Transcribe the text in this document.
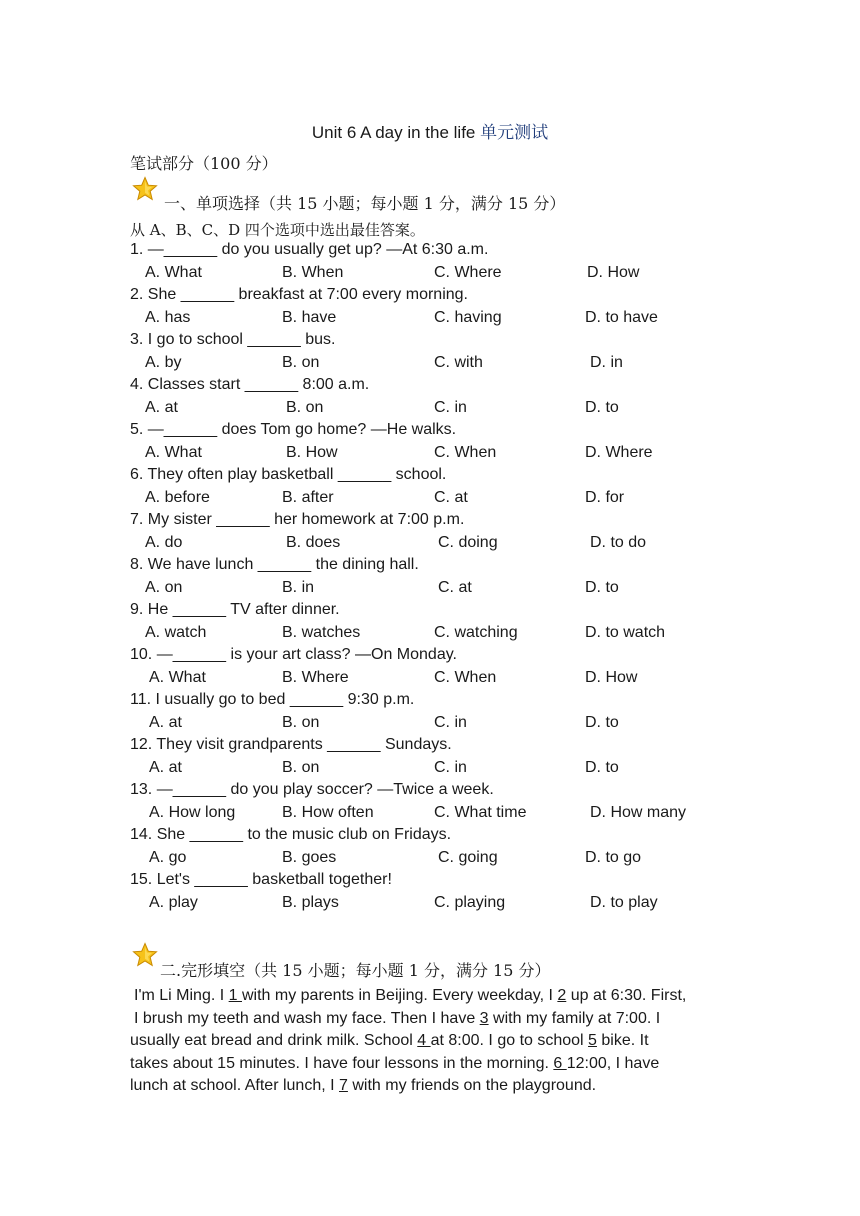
Unit 6 A day in the life 单元测试
笔试部分（100 分）
一、单项选择（共 15 小题；每小题 1 分，满分 15 分）
从 A、B、C、D 四个选项中选出最佳答案。
1. —______ do you usually get up? —At 6:30 a.m.
A. What	B. When	C. Where	D. How
2. She ______ breakfast at 7:00 every morning.
A. has	B. have	C. having	D. to have
3. I go to school ______ bus.
A. by	B. on	C. with	D. in
4. Classes start ______ 8:00 a.m.
A. at	B. on	C. in	D. to
5. —______ does Tom go home? —He walks.
A. What	B. How	C. When	D. Where
6. They often play basketball ______ school.
A. before	B. after	C. at	D. for
7. My sister ______ her homework at 7:00 p.m.
A. do	B. does	C. doing	D. to do
8. We have lunch ______ the dining hall.
A. on	B. in	C. at	D. to
9. He ______ TV after dinner.
A. watch	B. watches	C. watching	D. to watch
10. —______ is your art class? —On Monday.
A. What	B. Where	C. When	D. How
11. I usually go to bed ______ 9:30 p.m.
A. at	B. on	C. in	D. to
12. They visit grandparents ______ Sundays.
A. at	B. on	C. in	D. to
13. —______ do you play soccer? —Twice a week.
A. How long	B. How often	C. What time	D. How many
14. She ______ to the music club on Fridays.
A. go	B. goes	C. going	D. to go
15. Let's ______ basketball together!
A. play	B. plays	C. playing	D. to play
二.完形填空（共 15 小题；每小题 1 分，满分 15 分）
I'm Li Ming. I 1 with my parents in Beijing. Every weekday, I 2 up at 6:30. First,
I brush my teeth and wash my face. Then I have 3 with my family at 7:00. I
usually eat bread and drink milk. School 4 at 8:00. I go to school 5 bike. It
takes about 15 minutes. I have four lessons in the morning. 6 12:00, I have
lunch at school. After lunch, I 7 with my friends on the playground.
